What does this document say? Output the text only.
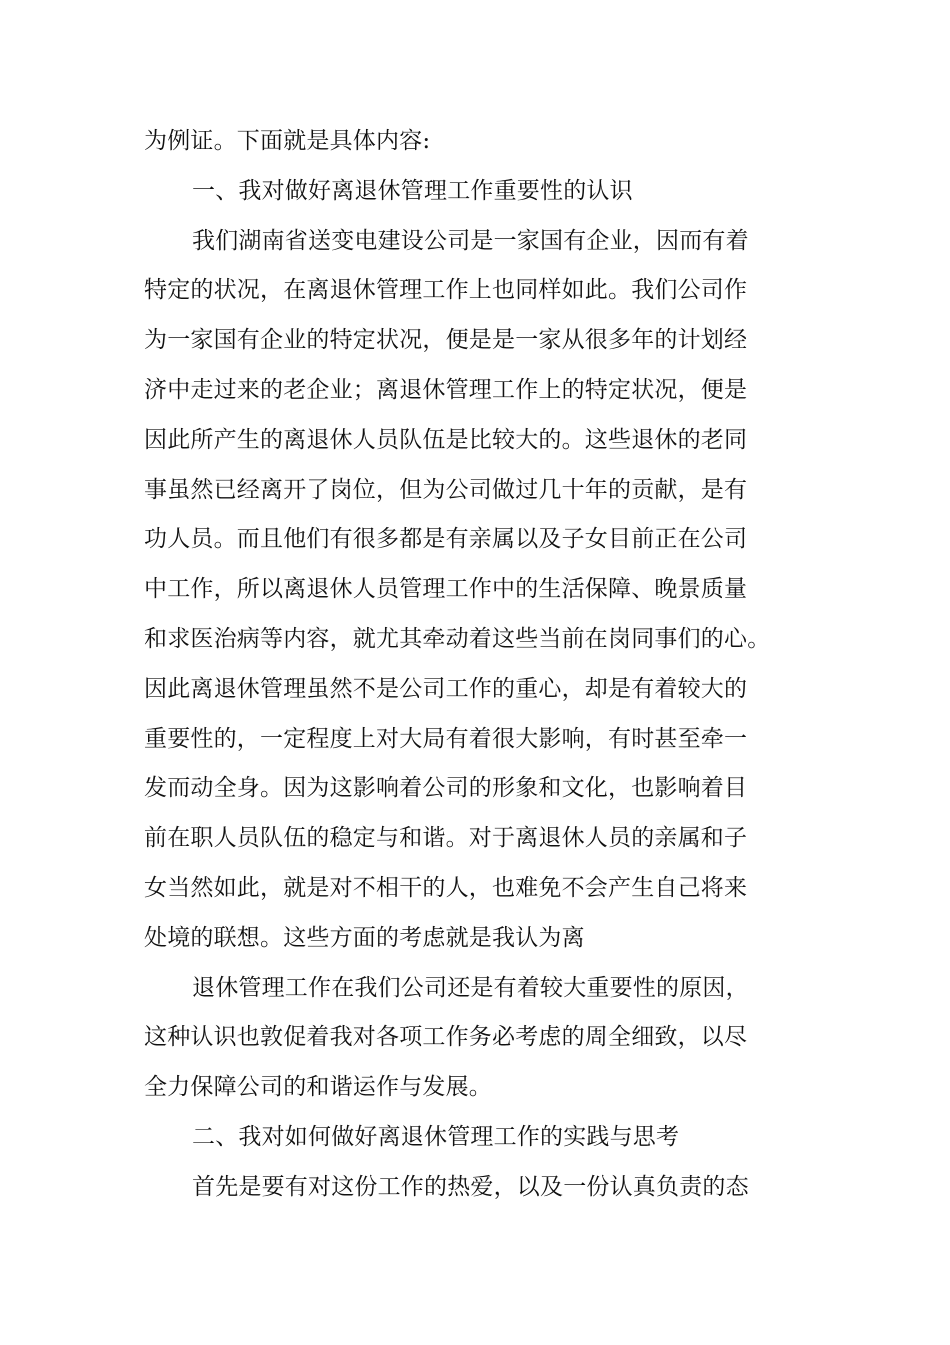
为例证。下面就是具体内容:
一、我对做好离退休管理工作重要性的认识
我们湖南省送变电建设公司是一家国有企业，因而有着
特定的状况，在离退休管理工作上也同样如此。我们公司作
为一家国有企业的特定状况，便是是一家从很多年的计划经
济中走过来的老企业；离退休管理工作上的特定状况，便是
因此所产生的离退休人员队伍是比较大的。这些退休的老同
事虽然已经离开了岗位，但为公司做过几十年的贡献，是有
功人员。而且他们有很多都是有亲属以及子女目前正在公司
中工作，所以离退休人员管理工作中的生活保障、晚景质量
和求医治病等内容，就尤其牵动着这些当前在岗同事们的心。
因此离退休管理虽然不是公司工作的重心，却是有着较大的
重要性的，一定程度上对大局有着很大影响，有时甚至牵一
发而动全身。因为这影响着公司的形象和文化，也影响着目
前在职人员队伍的稳定与和谐。对于离退休人员的亲属和子
女当然如此，就是对不相干的人，也难免不会产生自己将来
处境的联想。这些方面的考虑就是我认为离
退休管理工作在我们公司还是有着较大重要性的原因，
这种认识也敦促着我对各项工作务必考虑的周全细致，以尽
全力保障公司的和谐运作与发展。
二、我对如何做好离退休管理工作的实践与思考
首先是要有对这份工作的热爱，以及一份认真负责的态
